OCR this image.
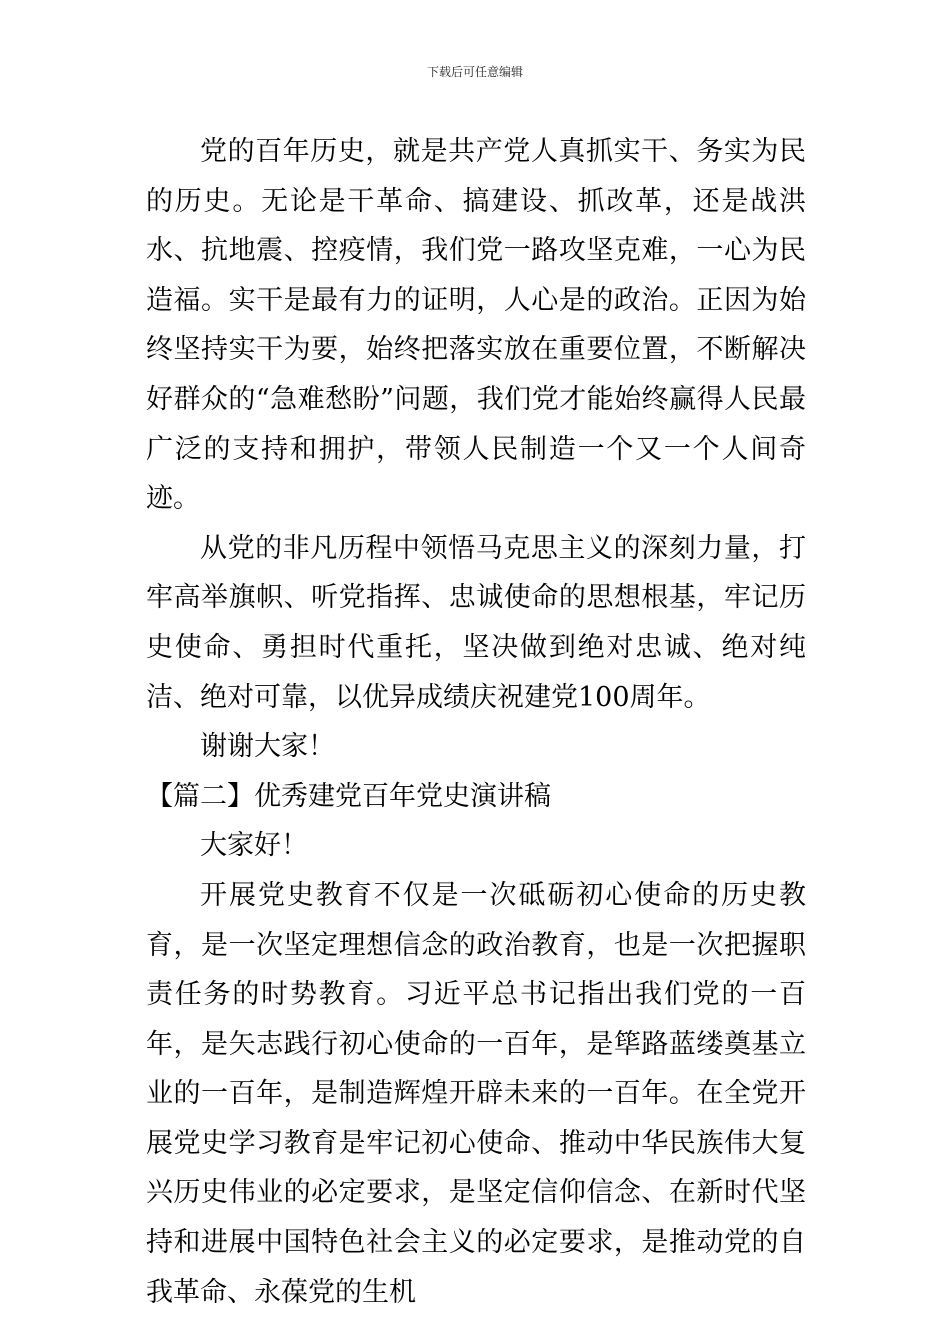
下载后可任意编辑

党的百年历史，就是共产党人真抓实干、务实为民的历史。无论是干革命、搞建设、抓改革，还是战洪水、抗地震、控疫情，我们党一路攻坚克难，一心为民造福。实干是最有力的证明，人心是的政治。正因为始终坚持实干为要，始终把落实放在重要位置，不断解决好群众的“急难愁盼”问题，我们党才能始终赢得人民最广泛的支持和拥护，带领人民制造一个又一个人间奇迹。

从党的非凡历程中领悟马克思主义的深刻力量，打牢高举旗帜、听党指挥、忠诚使命的思想根基，牢记历史使命、勇担时代重托，坚决做到绝对忠诚、绝对纯洁、绝对可靠，以优异成绩庆祝建党100周年。

谢谢大家！

【篇二】优秀建党百年党史演讲稿

大家好！

开展党史教育不仅是一次砥砺初心使命的历史教育，是一次坚定理想信念的政治教育，也是一次把握职责任务的时势教育。习近平总书记指出我们党的一百年，是矢志践行初心使命的一百年，是筚路蓝缕奠基立业的一百年，是制造辉煌开辟未来的一百年。在全党开展党史学习教育是牢记初心使命、推动中华民族伟大复兴历史伟业的必定要求，是坚定信仰信念、在新时代坚持和进展中国特色社会主义的必定要求，是推动党的自我革命、永葆党的生机
